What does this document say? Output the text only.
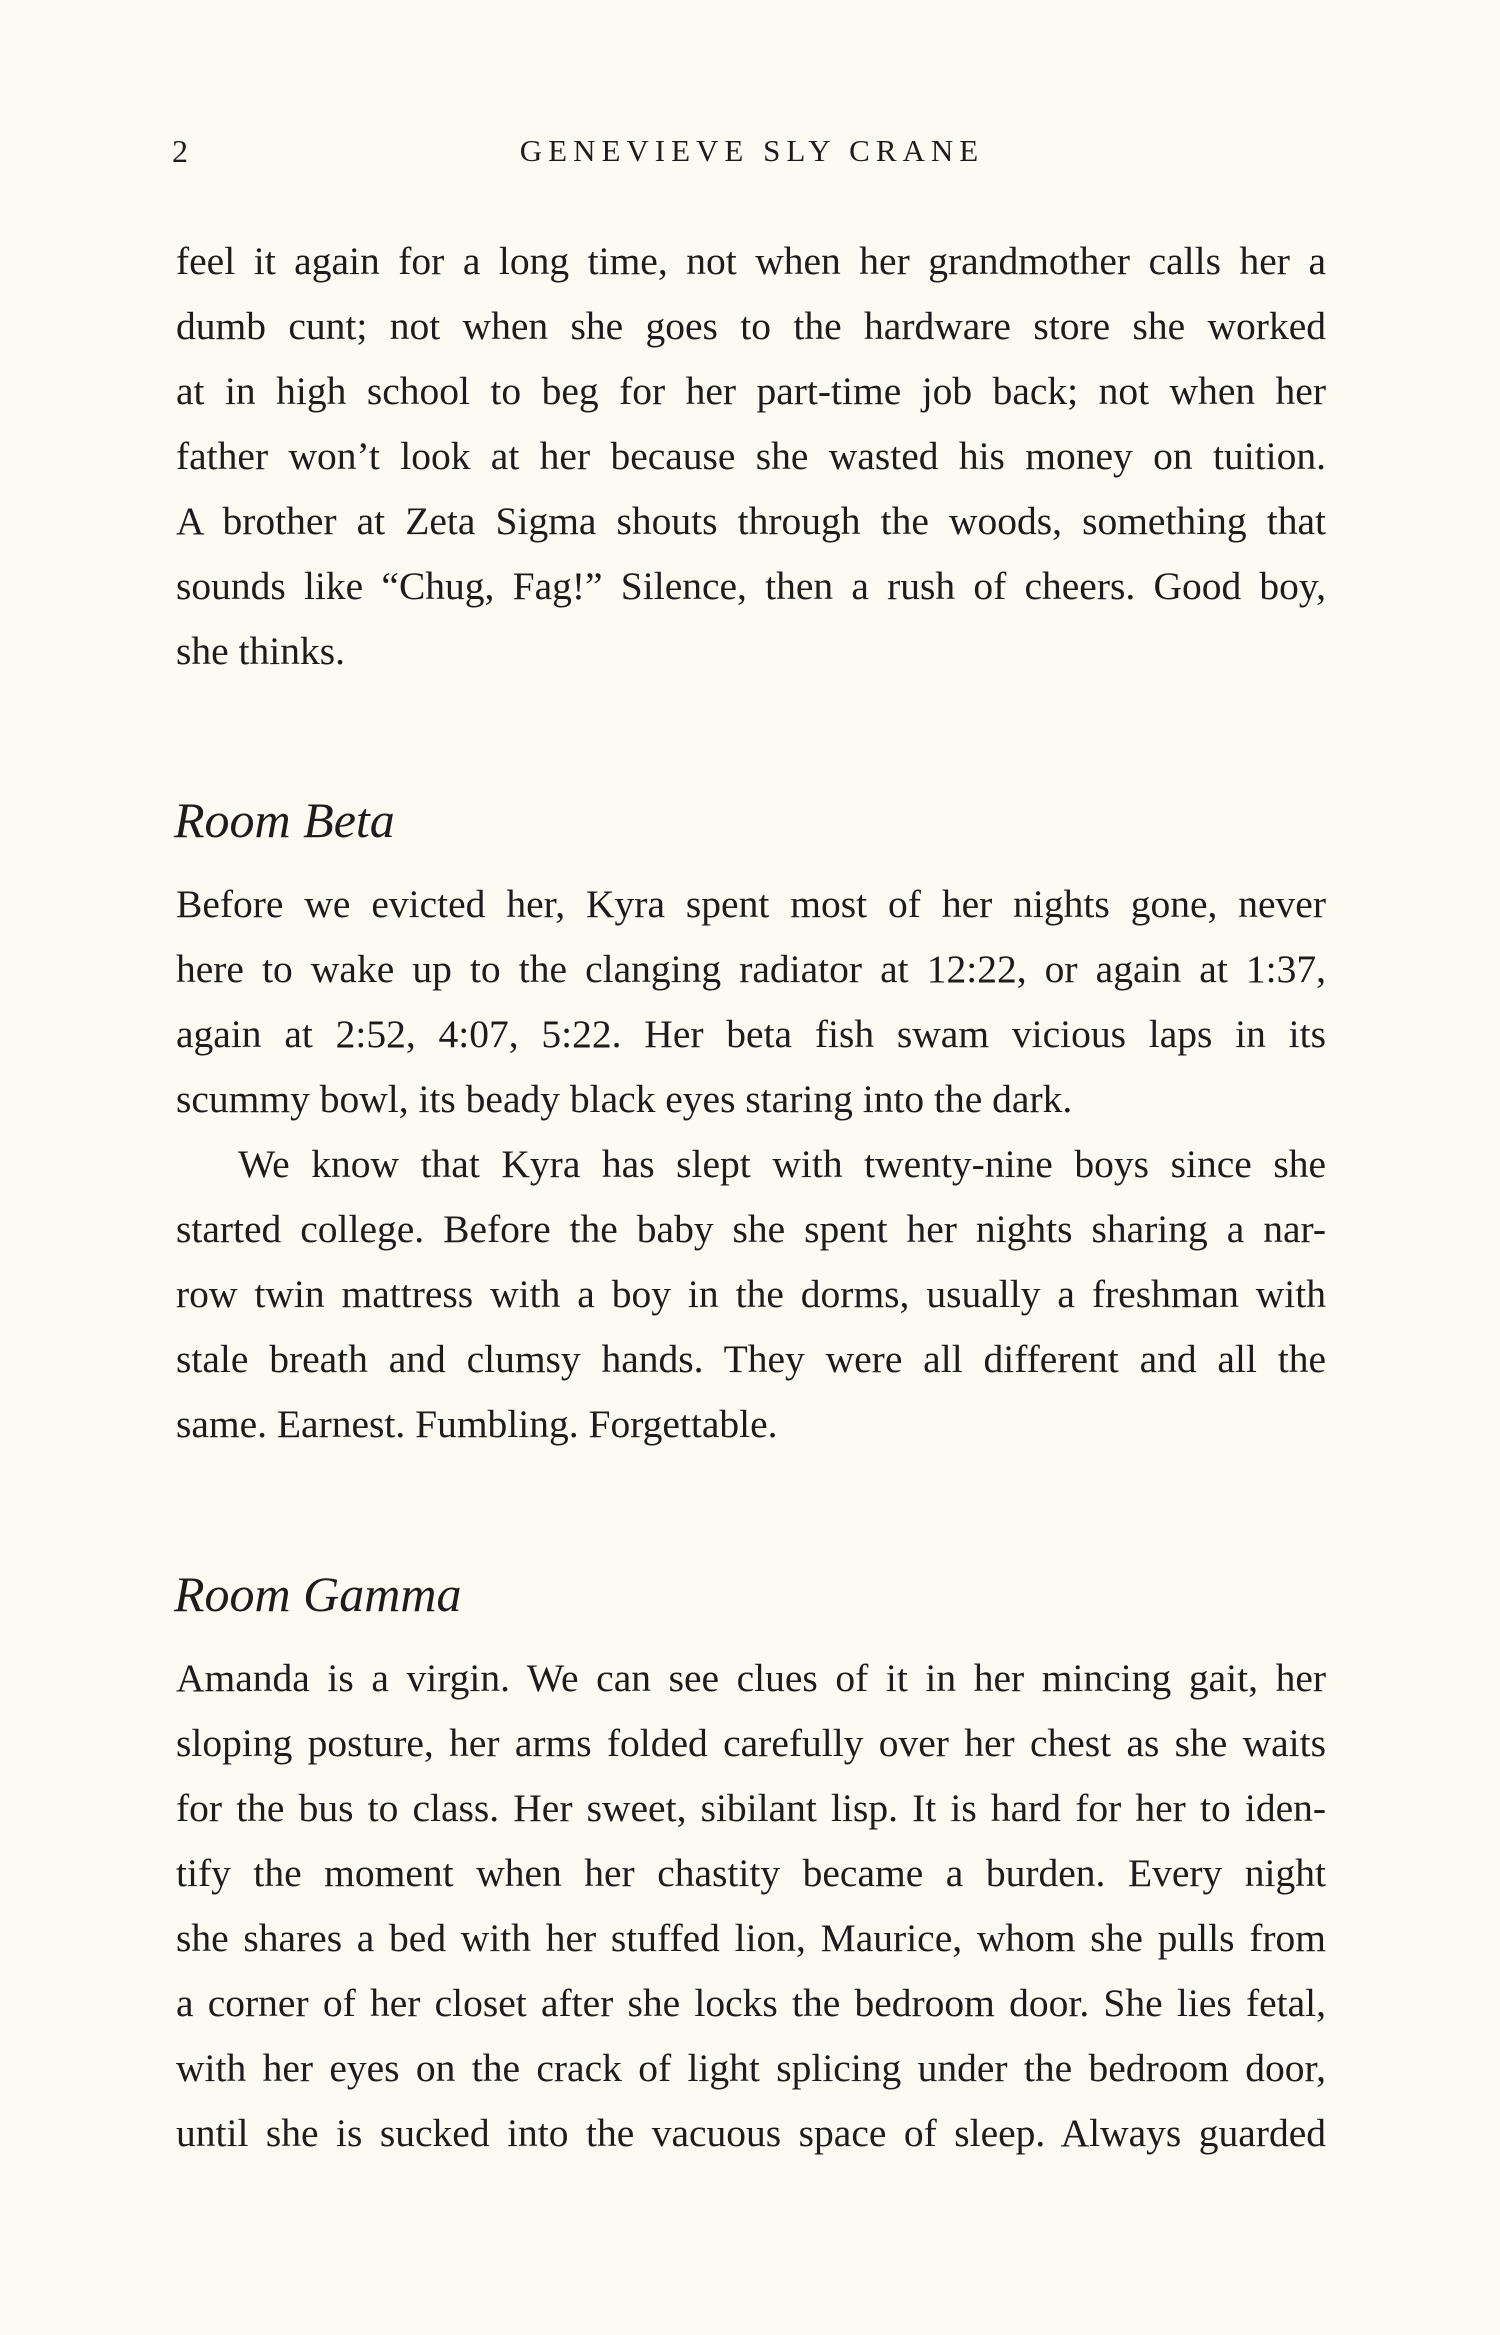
2	GENEVIEVE SLY CRANE
feel it again for a long time, not when her grandmother calls her a
dumb cunt; not when she goes to the hardware store she worked
at in high school to beg for her part-time job back; not when her
father won’t look at her because she wasted his money on tuition.
A brother at Zeta Sigma shouts through the woods, something that
sounds like “Chug, Fag!” Silence, then a rush of cheers. Good boy,
she thinks.
Room Beta
Before we evicted her, Kyra spent most of her nights gone, never
here to wake up to the clanging radiator at 12:22, or again at 1:37,
again at 2:52, 4:07, 5:22. Her beta fish swam vicious laps in its
scummy bowl, its beady black eyes staring into the dark.
We know that Kyra has slept with twenty-nine boys since she
started college. Before the baby she spent her nights sharing a nar-
row twin mattress with a boy in the dorms, usually a freshman with
stale breath and clumsy hands. They were all different and all the
same. Earnest. Fumbling. Forgettable.
Room Gamma
Amanda is a virgin. We can see clues of it in her mincing gait, her
sloping posture, her arms folded carefully over her chest as she waits
for the bus to class. Her sweet, sibilant lisp. It is hard for her to iden-
tify the moment when her chastity became a burden. Every night
she shares a bed with her stuffed lion, Maurice, whom she pulls from
a corner of her closet after she locks the bedroom door. She lies fetal,
with her eyes on the crack of light splicing under the bedroom door,
until she is sucked into the vacuous space of sleep. Always guarded
